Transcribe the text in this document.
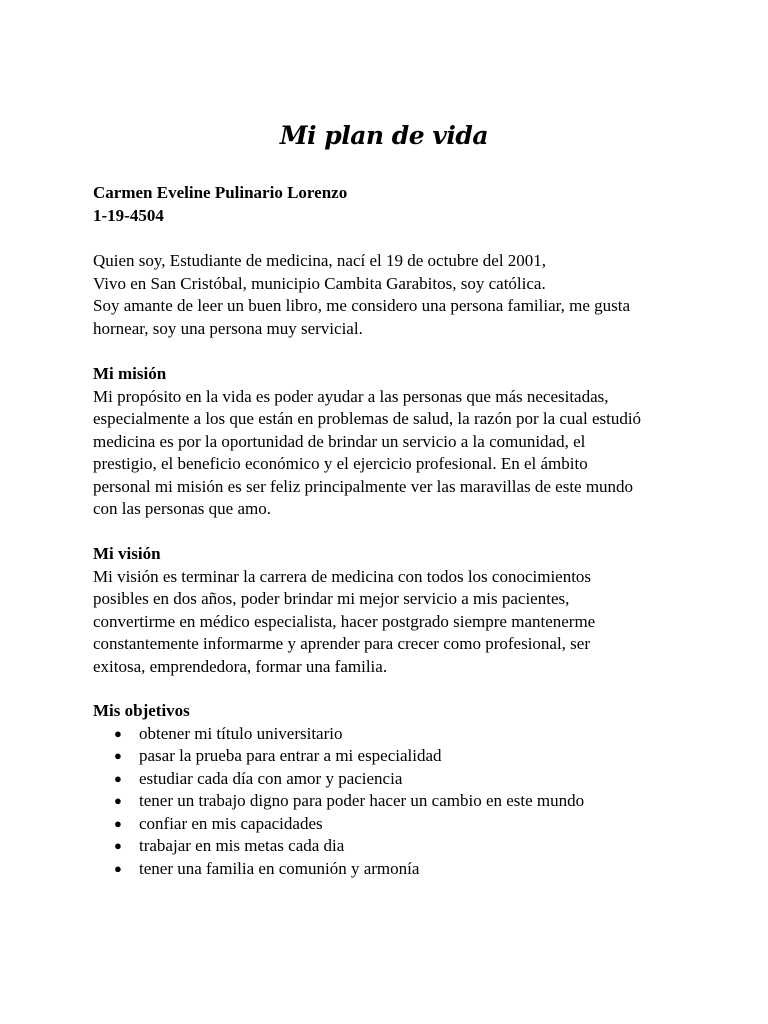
Mi plan de vida
Carmen Eveline Pulinario Lorenzo
1-19-4504
Quien soy, Estudiante de medicina, nací el 19 de octubre del 2001,
Vivo en San Cristóbal, municipio Cambita Garabitos, soy católica.
Soy amante de leer un buen libro, me considero una persona familiar, me gusta
hornear, soy una persona muy servicial.
Mi misión
Mi propósito en la vida es poder ayudar a las personas que más necesitadas,
especialmente a los que están en problemas de salud, la razón por la cual estudió
medicina es por la oportunidad de brindar un servicio a la comunidad, el
prestigio, el beneficio económico y el ejercicio profesional. En el ámbito
personal mi misión es ser feliz principalmente ver las maravillas de este mundo
con las personas que amo.
Mi visión
Mi visión es terminar la carrera de medicina con todos los conocimientos
posibles en dos años, poder brindar mi mejor servicio a mis pacientes,
convertirme en médico especialista, hacer postgrado siempre mantenerme
constantemente informarme y aprender para crecer como profesional, ser
exitosa, emprendedora, formar una familia.
Mis objetivos
● obtener mi título universitario
● pasar la prueba para entrar a mi especialidad
● estudiar cada día con amor y paciencia
● tener un trabajo digno para poder hacer un cambio en este mundo
● confiar en mis capacidades
● trabajar en mis metas cada dia
● tener una familia en comunión y armonía
